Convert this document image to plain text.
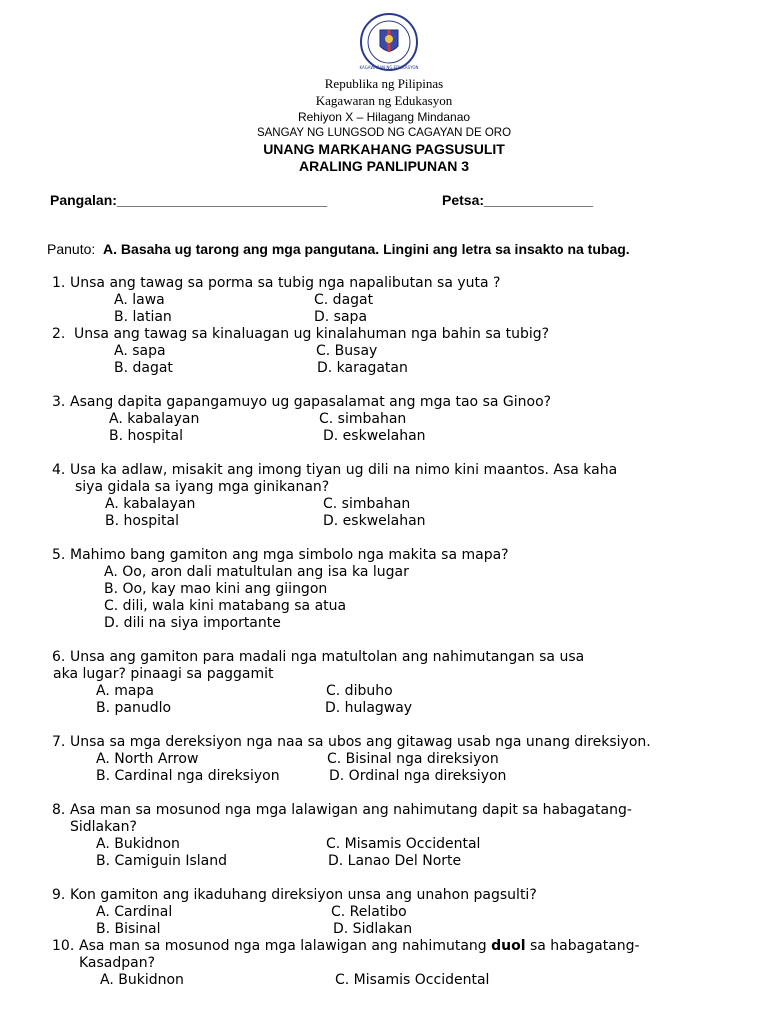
KAGAWARAN NG EDUKASYON
Republika ng Pilipinas
Kagawaran ng Edukasyon
Rehiyon X – Hilagang Mindanao
SANGAY NG LUNGSOD NG CAGAYAN DE ORO
UNANG MARKAHANG PAGSUSULIT
ARALING PANLIPUNAN 3
Pangalan:___________________________	Petsa:______________
Panuto: A. Basaha ug tarong ang mga pangutana. Lingini ang letra sa insakto na tubag.
1. Unsa ang tawag sa porma sa tubig nga napalibutan sa yuta ?
A. lawa	C. dagat
B. latian	D. sapa
2. Unsa ang tawag sa kinaluagan ug kinalahuman nga bahin sa tubig?
A. sapa	C. Busay
B. dagat	D. karagatan
3. Asang dapita gapangamuyo ug gapasalamat ang mga tao sa Ginoo?
A. kabalayan	C. simbahan
B. hospital	D. eskwelahan
4. Usa ka adlaw, misakit ang imong tiyan ug dili na nimo kini maantos. Asa kaha
siya gidala sa iyang mga ginikanan?
A. kabalayan	C. simbahan
B. hospital	D. eskwelahan
5. Mahimo bang gamiton ang mga simbolo nga makita sa mapa?
A. Oo, aron dali matultulan ang isa ka lugar
B. Oo, kay mao kini ang giingon
C. dili, wala kini matabang sa atua
D. dili na siya importante
6. Unsa ang gamiton para madali nga matultolan ang nahimutangan sa usa
aka lugar? pinaagi sa paggamit
A. mapa	C. dibuho
B. panudlo	D. hulagway
7. Unsa sa mga dereksiyon nga naa sa ubos ang gitawag usab nga unang direksiyon.
A. North Arrow	C. Bisinal nga direksiyon
B. Cardinal nga direksiyon	D. Ordinal nga direksiyon
8. Asa man sa mosunod nga mga lalawigan ang nahimutang dapit sa habagatang-
Sidlakan?
A. Bukidnon	C. Misamis Occidental
B. Camiguin Island	D. Lanao Del Norte
9. Kon gamiton ang ikaduhang direksiyon unsa ang unahon pagsulti?
A. Cardinal	C. Relatibo
B. Bisinal	D. Sidlakan
10. Asa man sa mosunod nga mga lalawigan ang nahimutang duol sa habagatang-
Kasadpan?
A. Bukidnon	C. Misamis Occidental
